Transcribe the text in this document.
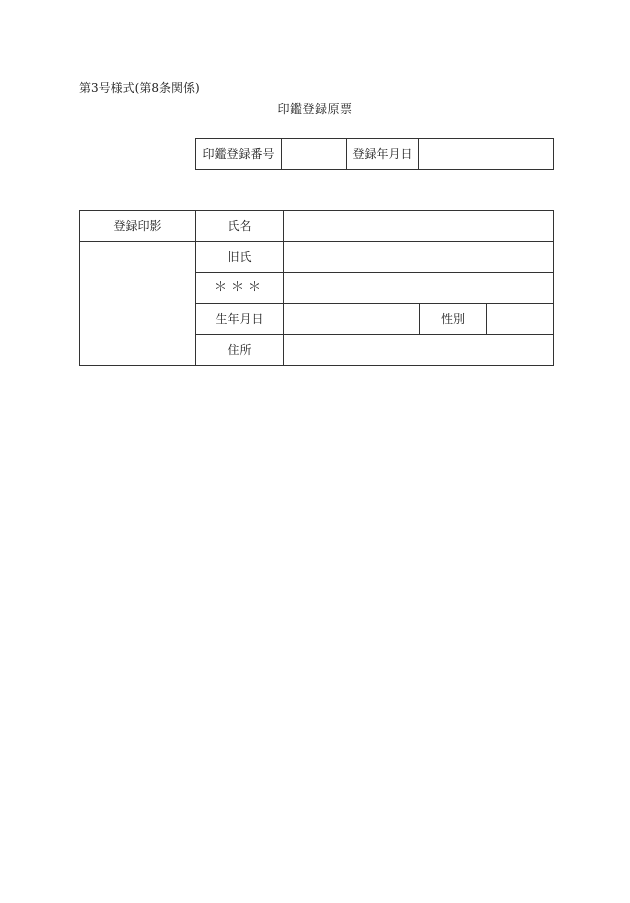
第3号様式(第8条関係)
印鑑登録原票
印鑑登録番号		登録年月日	
登録印影	氏名			
	旧氏			
	＊＊＊			
	生年月日		性別	
	住所			
